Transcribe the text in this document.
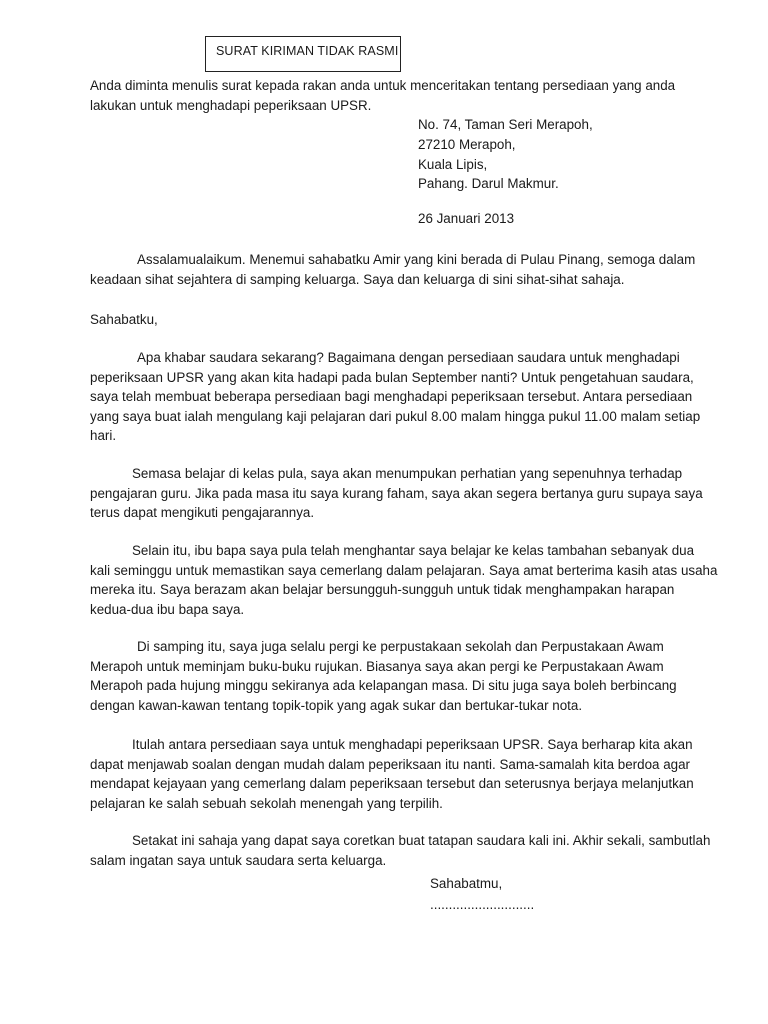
SURAT KIRIMAN TIDAK RASMI
Anda diminta menulis surat kepada rakan anda untuk menceritakan tentang persediaan yang anda
lakukan untuk menghadapi peperiksaan UPSR.
No. 74, Taman Seri Merapoh,
27210 Merapoh,
Kuala Lipis,
Pahang. Darul Makmur.
26 Januari 2013
Assalamualaikum. Menemui sahabatku Amir yang kini berada di Pulau Pinang, semoga dalam
keadaan sihat sejahtera di samping keluarga. Saya dan keluarga di sini sihat-sihat sahaja.
Sahabatku,
Apa khabar saudara sekarang? Bagaimana dengan persediaan saudara untuk menghadapi
peperiksaan UPSR yang akan kita hadapi pada bulan September nanti? Untuk pengetahuan saudara,
saya telah membuat beberapa persediaan bagi menghadapi peperiksaan tersebut. Antara persediaan
yang saya buat ialah mengulang kaji pelajaran dari pukul 8.00 malam hingga pukul 11.00 malam setiap
hari.
Semasa belajar di kelas pula, saya akan menumpukan perhatian yang sepenuhnya terhadap
pengajaran guru. Jika pada masa itu saya kurang faham, saya akan segera bertanya guru supaya saya
terus dapat mengikuti pengajarannya.
Selain itu, ibu bapa saya pula telah menghantar saya belajar ke kelas tambahan sebanyak dua
kali seminggu untuk memastikan saya cemerlang dalam pelajaran. Saya amat berterima kasih atas usaha
mereka itu. Saya berazam akan belajar bersungguh-sungguh untuk tidak menghampakan harapan
kedua-dua ibu bapa saya.
Di samping itu, saya juga selalu pergi ke perpustakaan sekolah dan Perpustakaan Awam
Merapoh untuk meminjam buku-buku rujukan. Biasanya saya akan pergi ke Perpustakaan Awam
Merapoh pada hujung minggu sekiranya ada kelapangan masa. Di situ juga saya boleh berbincang
dengan kawan-kawan tentang topik-topik yang agak sukar dan bertukar-tukar nota.
Itulah antara persediaan saya untuk menghadapi peperiksaan UPSR. Saya berharap kita akan
dapat menjawab soalan dengan mudah dalam peperiksaan itu nanti. Sama-samalah kita berdoa agar
mendapat kejayaan yang cemerlang dalam peperiksaan tersebut dan seterusnya berjaya melanjutkan
pelajaran ke salah sebuah sekolah menengah yang terpilih.
Setakat ini sahaja yang dapat saya coretkan buat tatapan saudara kali ini. Akhir sekali, sambutlah
salam ingatan saya untuk saudara serta keluarga.
Sahabatmu,
............................
